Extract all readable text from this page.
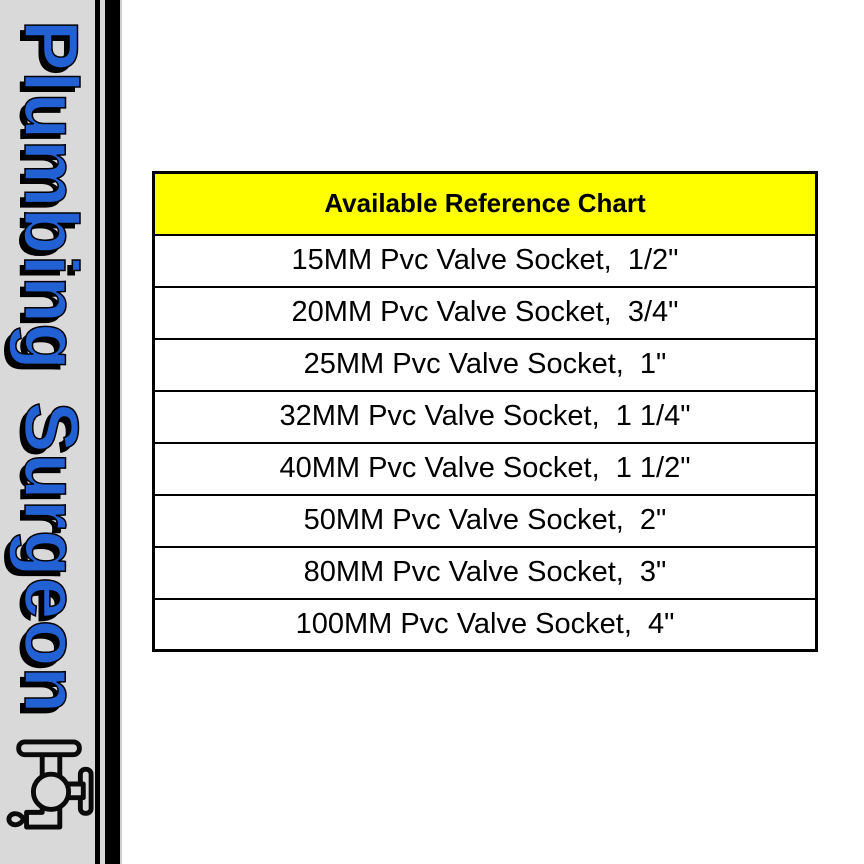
Plumbing Surgeon	Available Reference Chart
15MM Pvc Valve Socket,  1/2"
20MM Pvc Valve Socket,  3/4"
25MM Pvc Valve Socket,  1"
32MM Pvc Valve Socket,  1 1/4"
40MM Pvc Valve Socket,  1 1/2"
50MM Pvc Valve Socket,  2"
80MM Pvc Valve Socket,  3"
100MM Pvc Valve Socket,  4"
